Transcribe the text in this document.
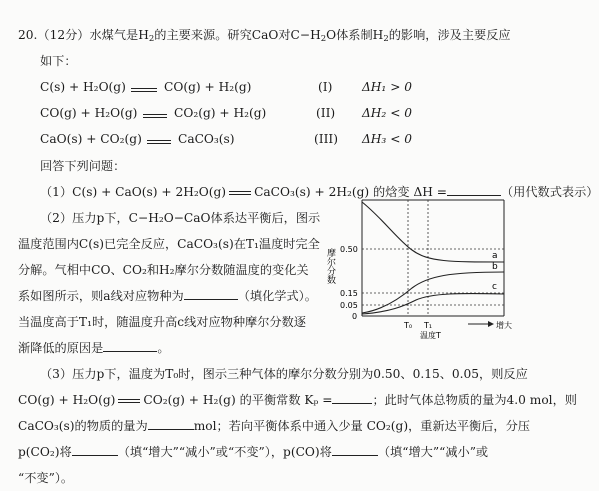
20.（12分）水煤气是$H_2$的主要来源。研究CaO对$C-H_2O$体系制$H_2$的影响，涉及主要反应
如下：
C(s) + H₂O(g)	CO(g) + H₂(g)	(I) ΔH₁ > 0
CO(g) + H₂O(g)	CO₂(g) + H₂(g)	(II) ΔH₂ < 0
CaO(s) + CO₂(g)	CaCO₃(s)	(III) ΔH₃ < 0
回答下列问题：
（1）C(s) + CaO(s) + 2H₂O(g) CaCO₃(s) + 2H₂(g) 的焓变 ΔH =	（用代数式表示）
（2）压力p下，C−H₂O−CaO体系达平衡后，图示
温度范围内C(s)已完全反应，CaCO₃(s)在T₁温度时完全
分解。气相中CO、CO₂和H₂摩尔分数随温度的变化关
系如图所示，则a线对应物种为	（填化学式）。
当温度高于T₁时，随温度升高c线对应物种摩尔分数逐
渐降低的原因是	。
摩尔分数 0.50
0.15
0.05
0
a
b
c
T₀ T₁	增大
温度T
（3）压力p下，温度为T₀时，图示三种气体的摩尔分数分别为0.50、0.15、0.05，则反应
CO(g) + H₂O(g) CO₂(g) + H₂(g) 的平衡常数 Kₚ =	；此时气体总物质的量为4.0 mol，则
CaCO₃(s)的物质的量为	mol；若向平衡体系中通入少量 CO₂(g)，重新达平衡后，分压
p(CO₂)将	（填“增大”“减小”或“不变”），p(CO)将	（填“增大”“减小”或
“不变”）。
